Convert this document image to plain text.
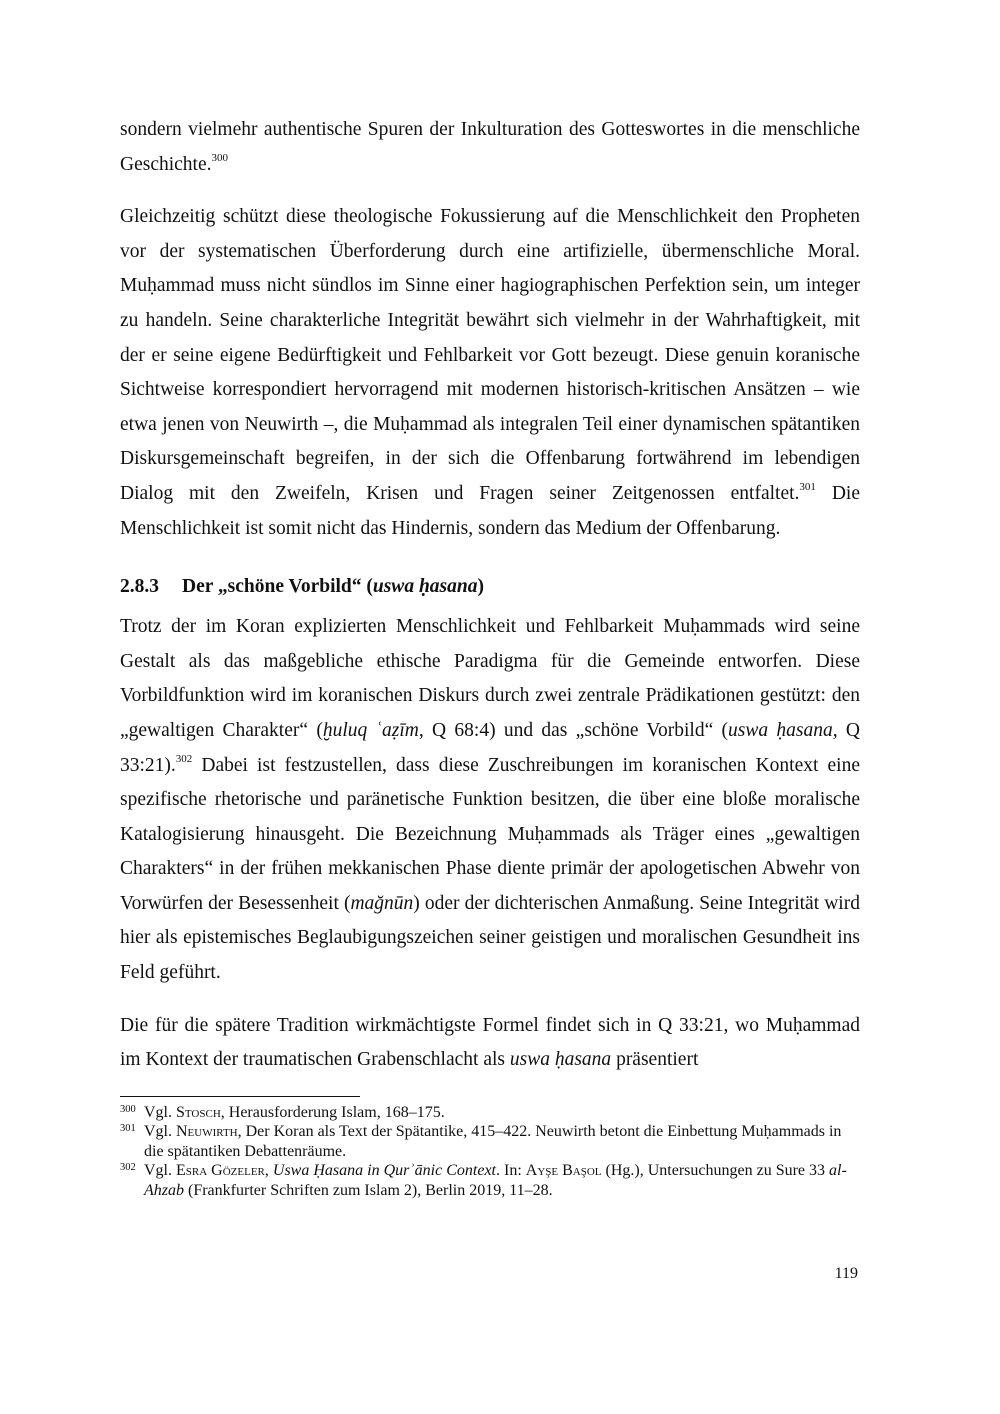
sondern vielmehr authentische Spuren der Inkulturation des Gotteswortes in die menschliche Geschichte.$^{300}$

Gleichzeitig schützt diese theologische Fokussierung auf die Menschlichkeit den Propheten vor der systematischen Überforderung durch eine artifizielle, übermenschliche Moral. Muḥammad muss nicht sündlos im Sinne einer hagiographischen Perfektion sein, um integer zu handeln. Seine charakterliche Integrität bewährt sich vielmehr in der Wahrhaftigkeit, mit der er seine eigene Bedürftigkeit und Fehlbarkeit vor Gott bezeugt. Diese genuin koranische Sichtweise korrespondiert hervorragend mit modernen historisch-kritischen Ansätzen – wie etwa jenen von Neuwirth –, die Muḥammad als integralen Teil einer dynamischen spätantiken Diskursgemeinschaft begreifen, in der sich die Offenbarung fortwährend im lebendigen Dialog mit den Zweifeln, Krisen und Fragen seiner Zeitgenossen entfaltet.$^{301}$ Die Menschlichkeit ist somit nicht das Hindernis, sondern das Medium der Offenbarung.

2.8.3 Der „schöne Vorbild“ (uswa ḥasana)

Trotz der im Koran explizierten Menschlichkeit und Fehlbarkeit Muḥammads wird seine Gestalt als das maßgebliche ethische Paradigma für die Gemeinde entworfen. Diese Vorbildfunktion wird im koranischen Diskurs durch zwei zentrale Prädikationen gestützt: den „gewaltigen Charakter“ (ḫuluq ʿaẓīm, Q 68:4) und das „schöne Vorbild“ (uswa ḥasana, Q 33:21).$^{302}$ Dabei ist festzustellen, dass diese Zuschreibungen im koranischen Kontext eine spezifische rhetorische und paränetische Funktion besitzen, die über eine bloße moralische Katalogisierung hinausgeht. Die Bezeichnung Muḥammads als Träger eines „gewaltigen Charakters“ in der frühen mekkanischen Phase diente primär der apologetischen Abwehr von Vorwürfen der Besessenheit (mağnūn) oder der dichterischen Anmaßung. Seine Integrität wird hier als epistemisches Beglaubigungszeichen seiner geistigen und moralischen Gesundheit ins Feld geführt.

Die für die spätere Tradition wirkmächtigste Formel findet sich in Q 33:21, wo Muḥammad im Kontext der traumatischen Grabenschlacht als uswa ḥasana präsentiert

300 Vgl. Stosch, Herausforderung Islam, 168–175.

301 Vgl. Neuwirth, Der Koran als Text der Spätantike, 415–422. Neuwirth betont die Einbettung Muḥammads in die spätantiken Debattenräume.

302 Vgl. Esra Gözeler, Uswa Ḥasana in Qurʾānic Context. In: Ayşe Başol (Hg.), Untersuchungen zu Sure 33 al-Ahzab (Frankfurter Schriften zum Islam 2), Berlin 2019, 11–28.

119
